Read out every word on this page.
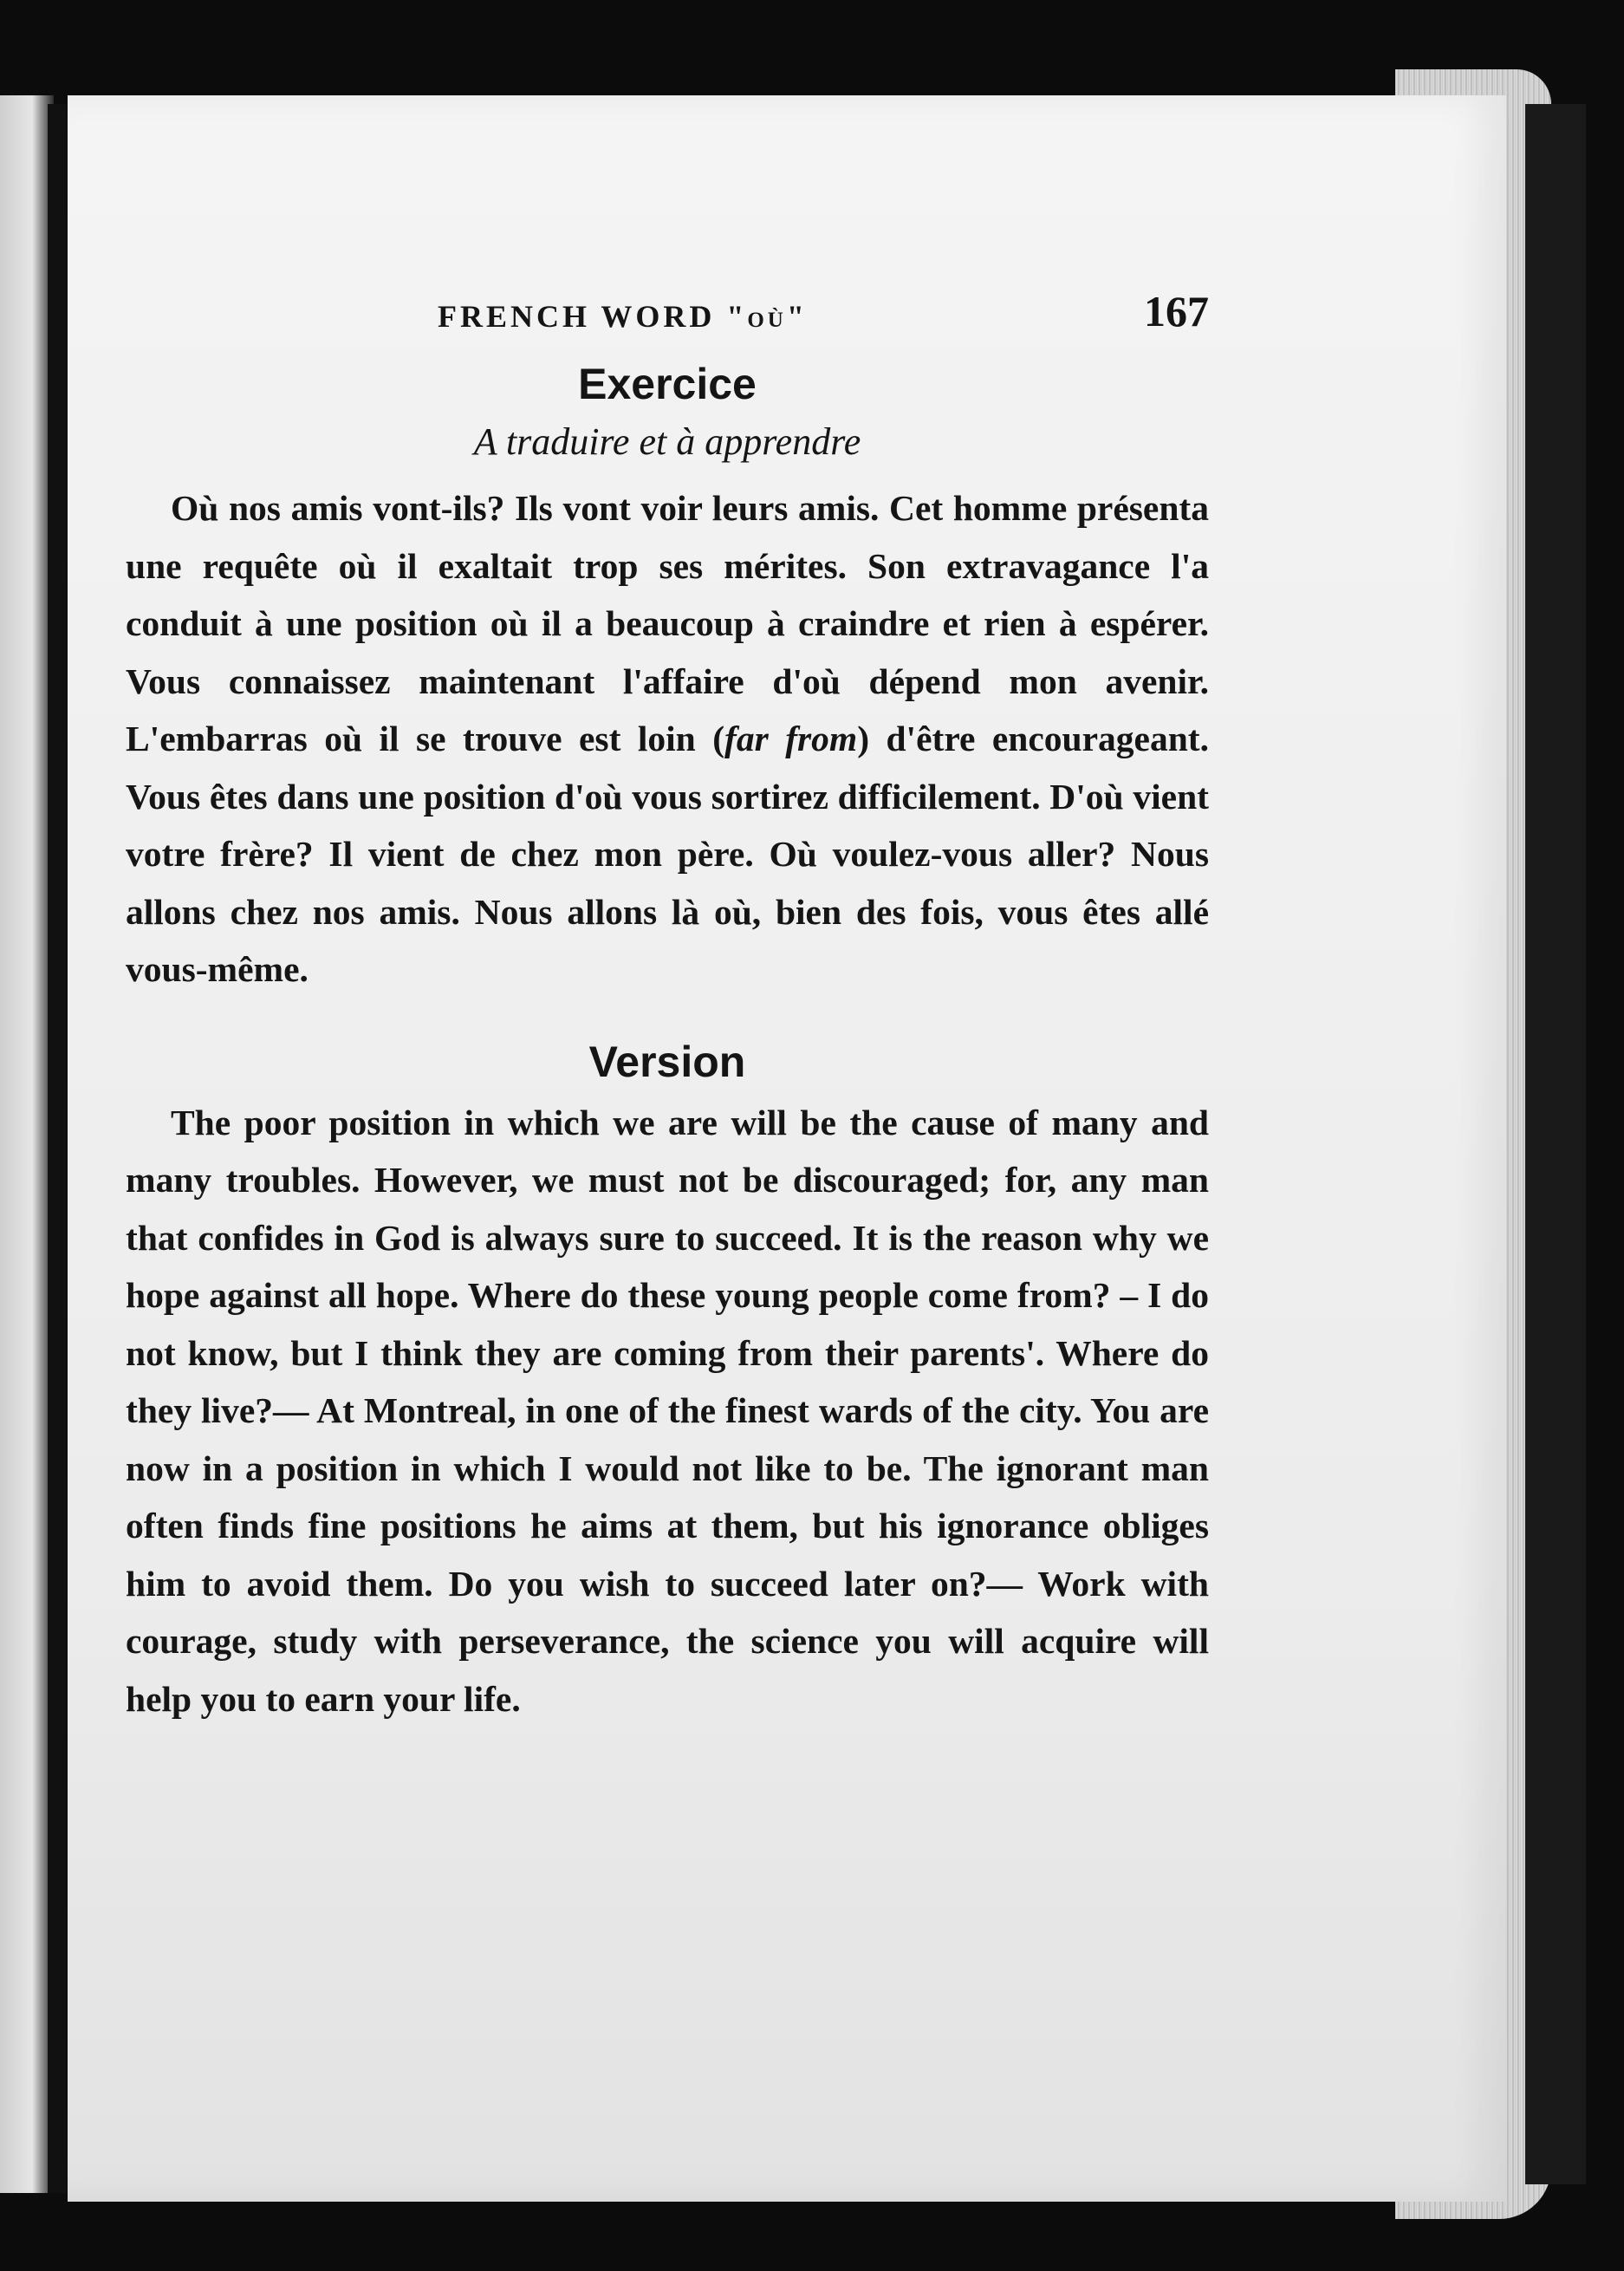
FRENCH WORD "où"	167
Exercice
A traduire et à apprendre

Où nos amis vont-ils? Ils vont voir leurs amis. Cet homme présenta une requête où il exaltait trop ses mérites. Son extravagance l'a conduit à une position où il a beaucoup à craindre et rien à espérer. Vous connaissez maintenant l'affaire d'où dépend mon avenir. L'embarras où il se trouve est loin (far from) d'être encourageant. Vous êtes dans une position d'où vous sortirez difficilement. D'où vient votre frère? Il vient de chez mon père. Où voulez-vous aller? Nous allons chez nos amis. Nous allons là où, bien des fois, vous êtes allé vous-même.

Version

The poor position in which we are will be the cause of many and many troubles. However, we must not be discouraged; for, any man that confides in God is always sure to succeed. It is the reason why we hope against all hope. Where do these young people come from? – I do not know, but I think they are coming from their parents'. Where do they live?— At Montreal, in one of the finest wards of the city. You are now in a position in which I would not like to be. The ignorant man often finds fine positions he aims at them, but his ignorance obliges him to avoid them. Do you wish to succeed later on?— Work with courage, study with perseverance, the science you will acquire will help you to earn your life.
